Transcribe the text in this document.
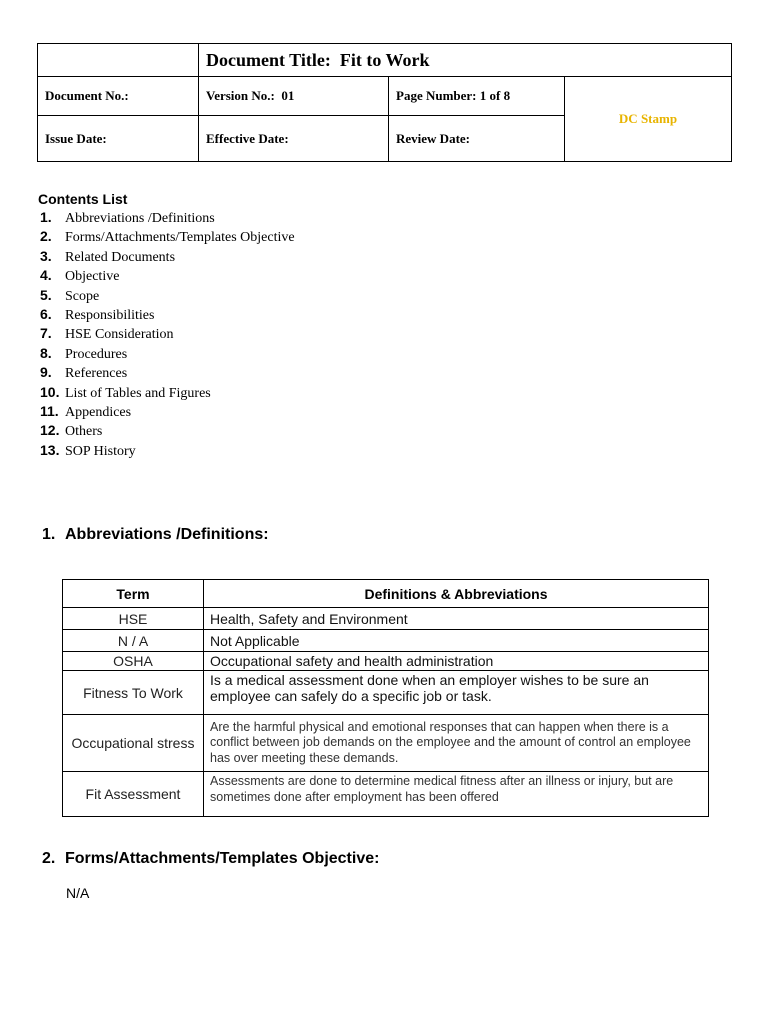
	Document Title: Fit to Work		
Document No.:	Version No.: 01	Page Number: 1 of 8	DC Stamp
Issue Date:	Effective Date:	Review Date:	
Contents List
1. Abbreviations /Definitions
2. Forms/Attachments/Templates Objective
3. Related Documents
4. Objective
5. Scope
6. Responsibilities
7. HSE Consideration
8. Procedures
9. References
10. List of Tables and Figures
11. Appendices
12. Others
13. SOP History
1. Abbreviations /Definitions:
Term	Definitions & Abbreviations
HSE	Health, Safety and Environment
N / A	Not Applicable
OSHA	Occupational safety and health administration
Fitness To Work	Is a medical assessment done when an employer wishes to be sure an employee can safely do a specific job or task.
Occupational stress	Are the harmful physical and emotional responses that can happen when there is a conflict between job demands on the employee and the amount of control an employee has over meeting these demands.
Fit Assessment	Assessments are done to determine medical fitness after an illness or injury, but are sometimes done after employment has been offered
2. Forms/Attachments/Templates Objective:
N/A
